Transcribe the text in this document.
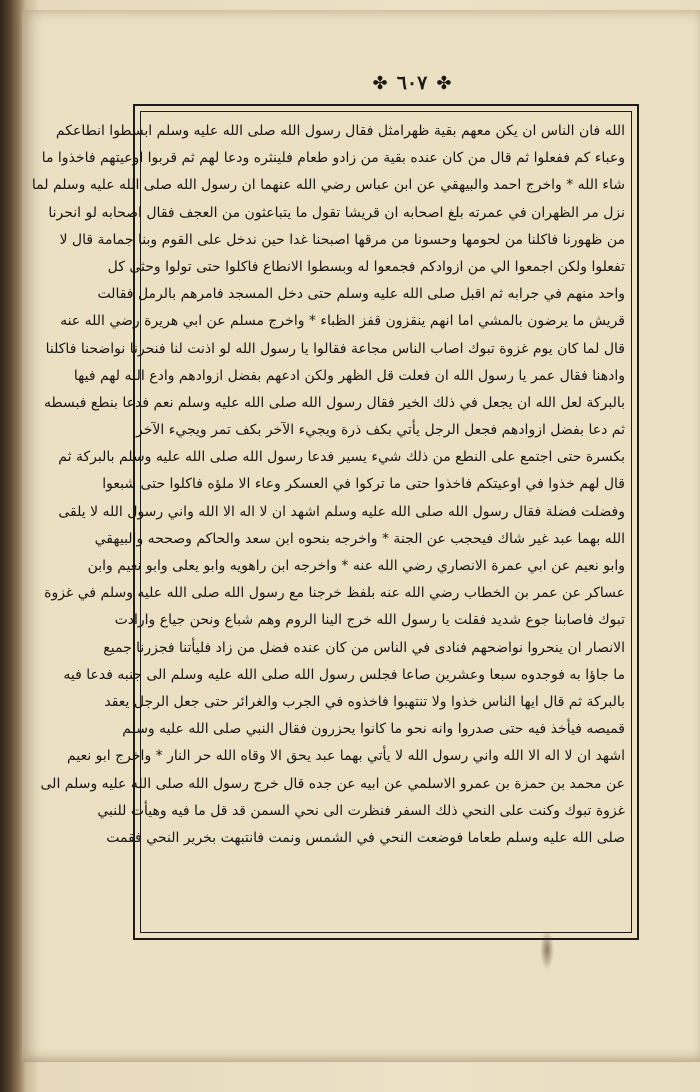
✤ ٦٠٧ ✤
الله فان الناس ان يكن معهم بقية ظهرامثل فقال رسول الله صلى الله عليه وسلم ابسطوا انطاعكم
وعباء كم ففعلوا ثم قال من كان عنده بقية من زادو طعام فلينثره ودعا لهم ثم قربوا اوعيتهم فاخذوا ما
شاء الله * واخرج احمد والبيهقي عن ابن عباس رضي الله عنهما ان رسول الله صلى الله عليه وسلم لما
نزل مر الظهران في عمرته بلغ اصحابه ان قريشا تقول ما يتباعثون من العجف فقال اصحابه لو انحرنا
من ظهورنا فاكلنا من لحومها وحسونا من مرقها اصبحنا غدا حين ندخل على القوم وبنا جمامة قال لا
تفعلوا ولكن اجمعوا الي من ازوادكم فجمعوا له وبسطوا الانطاع فاكلوا حتى تولوا وحثى كل
واحد منهم في جرابه ثم اقبل صلى الله عليه وسلم حتى دخل المسجد فامرهم بالرمل فقالت
قريش ما يرضون بالمشي اما انهم ينقزون قفز الظباء * واخرج مسلم عن ابي هريرة رضي الله عنه
قال لما كان يوم غزوة تبوك اصاب الناس مجاعة فقالوا يا رسول الله لو اذنت لنا فنحرنا نواضحنا فاكلنا
وادهنا فقال عمر يا رسول الله ان فعلت قل الظهر ولكن ادعهم بفضل ازوادهم وادع الله لهم فيها
بالبركة لعل الله ان يجعل في ذلك الخير فقال رسول الله صلى الله عليه وسلم نعم فدعا بنطع فبسطه
ثم دعا بفضل ازوادهم فجعل الرجل يأتي بكف ذرة ويجيء الآخر بكف تمر ويجيء الآخر
بكسرة حتى اجتمع على النطع من ذلك شيء يسير فدعا رسول الله صلى الله عليه وسلم بالبركة ثم
قال لهم خذوا في اوعيتكم فاخذوا حتى ما تركوا في العسكر وعاء الا ملؤه فاكلوا حتى شبعوا
وفضلت فضلة فقال رسول الله صلى الله عليه وسلم اشهد ان لا اله الا الله واني رسول الله لا يلقى
الله بهما عبد غير شاك فيحجب عن الجنة * واخرجه بنحوه ابن سعد والحاكم وصححه والبيهقي
وابو نعيم عن ابي عمرة الانصاري رضي الله عنه * واخرجه ابن راهويه وابو يعلى وابو نعيم وابن
عساكر عن عمر بن الخطاب رضي الله عنه بلفظ خرجنا مع رسول الله صلى الله عليه وسلم في غزوة
تبوك فاصابنا جوع شديد فقلت يا رسول الله خرج الينا الروم وهم شباع ونحن جياع وارادت
الانصار ان ينحروا نواضحهم فنادى في الناس من كان عنده فضل من زاد فليأتنا فجزرنا جميع
ما جاؤا به فوجدوه سبعا وعشرين صاعا فجلس رسول الله صلى الله عليه وسلم الى جنبه فدعا فيه
بالبركة ثم قال ايها الناس خذوا ولا تنتهبوا فاخذوه في الجرب والغرائر حتى جعل الرجل يعقد
قميصه فيأخذ فيه حتى صدروا وانه نحو ما كانوا يحزرون فقال النبي صلى الله عليه وسلم
اشهد ان لا اله الا الله واني رسول الله لا يأتي بهما عبد يحق الا وقاه الله حر النار * واخرج ابو نعيم
عن محمد بن حمزة بن عمرو الاسلمي عن ابيه عن جده قال خرج رسول الله صلى الله عليه وسلم الى
غزوة تبوك وكنت على النحي ذلك السفر فنظرت الى نحي السمن قد قل ما فيه وهيأت للنبي
صلى الله عليه وسلم طعاما فوضعت النحي في الشمس ونمت فانتبهت بخرير النحي فقمت
